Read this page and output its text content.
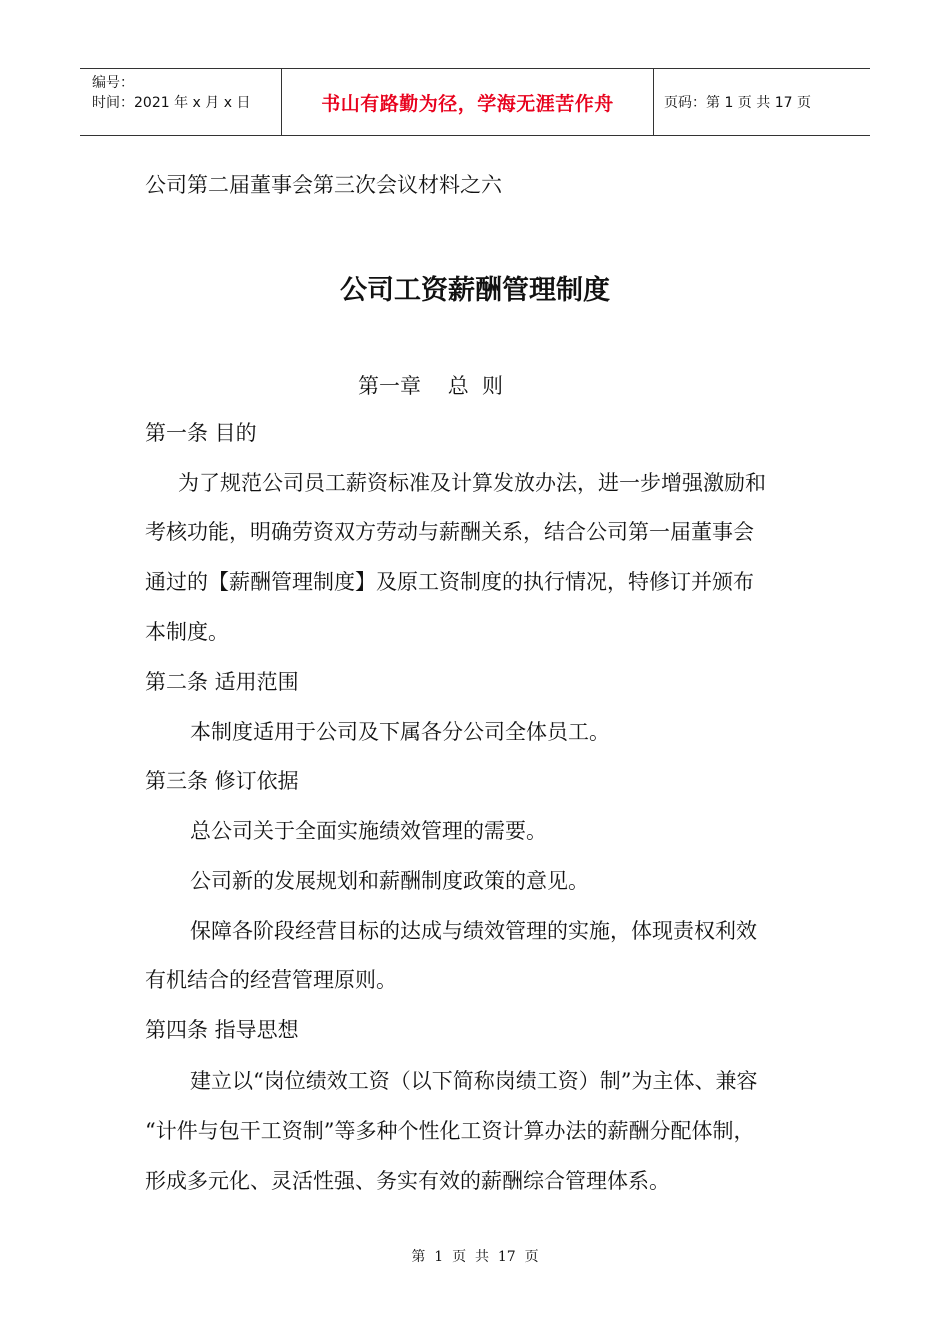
编号：
时间：2021 年 x 月 x 日	书山有路勤为径，学海无涯苦作舟	页码：第 1 页 共 17 页
公司第二届董事会第三次会议材料之六
公司工资薪酬管理制度
第一章    总  则
第一条 目的
为了规范公司员工薪资标准及计算发放办法，进一步增强激励和
考核功能，明确劳资双方劳动与薪酬关系，结合公司第一届董事会
通过的【薪酬管理制度】及原工资制度的执行情况，特修订并颁布
本制度。
第二条 适用范围
本制度适用于公司及下属各分公司全体员工。
第三条 修订依据
总公司关于全面实施绩效管理的需要。
公司新的发展规划和薪酬制度政策的意见。
保障各阶段经营目标的达成与绩效管理的实施，体现责权利效
有机结合的经营管理原则。
第四条 指导思想
建立以“岗位绩效工资（以下简称岗绩工资）制”为主体、兼容
“计件与包干工资制”等多种个性化工资计算办法的薪酬分配体制，
形成多元化、灵活性强、务实有效的薪酬综合管理体系。
第  1  页  共  17  页
